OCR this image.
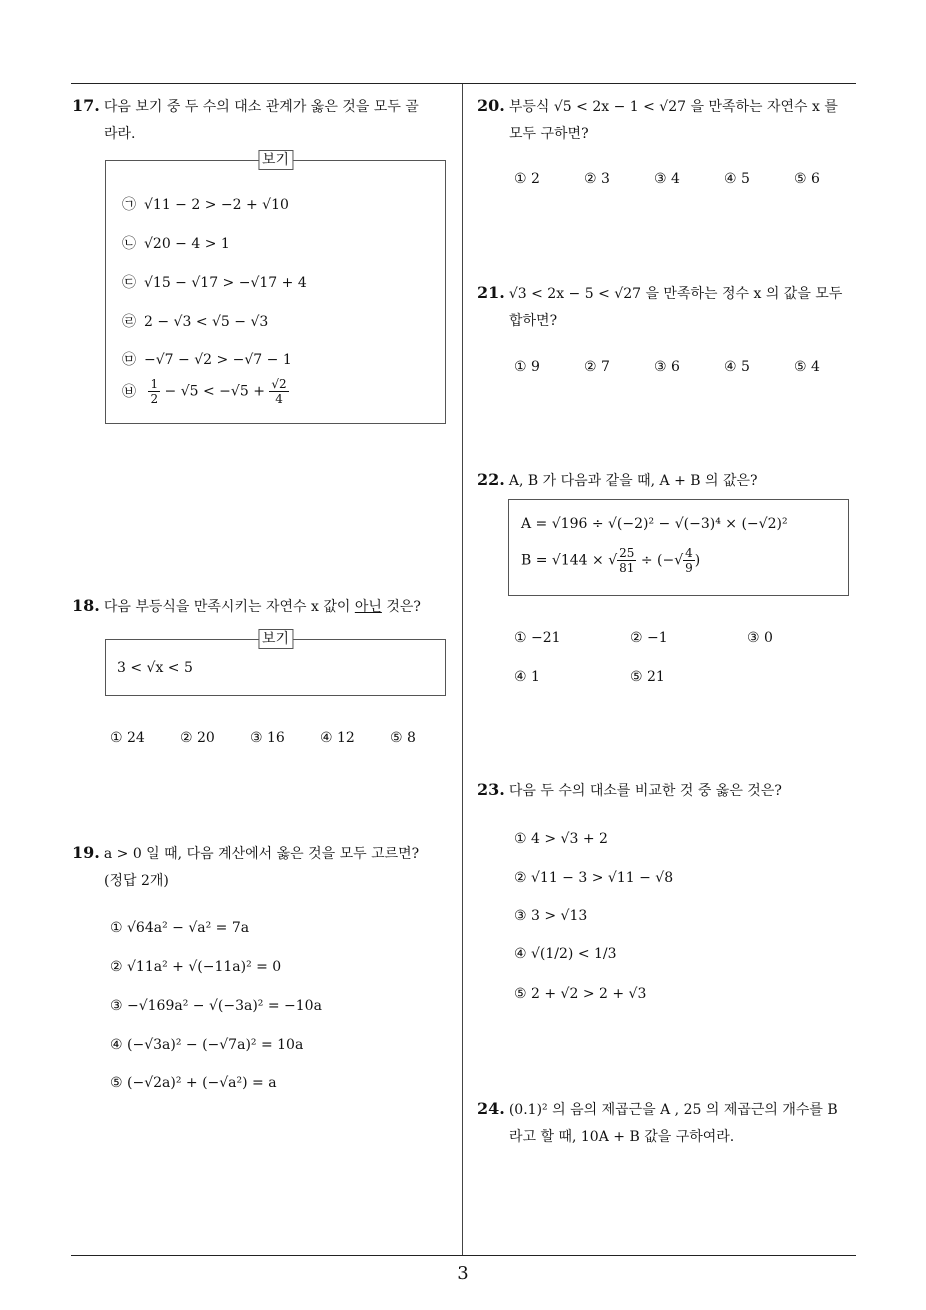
17. 다음 보기 중 두 수의 대소 관계가 옳은 것을 모두 골
라라.
보기
㉠ √11 − 2 > −2 + √10
㉡ √20 − 4 > 1
㉢ √15 − √17 > −√17 + 4
㉣ 2 − √3 < √5 − √3
㉤ −√7 − √2 > −√7 − 1
㉥ $\frac{1}{2} - √5 < -√5 + \frac{√2}{4}$
18. 다음 부등식을 만족시키는 자연수 x 값이 아닌 것은?
보기
3 < √x < 5
① 24	② 20	③ 16	④ 12	⑤ 8
19. a > 0 일 때, 다음 계산에서 옳은 것을 모두 고르면?
(정답 2개)
① √64a² − √a² = 7a
② √11a² + √(−11a)² = 0
③ −√169a² − √(−3a)² = −10a
④ (−√3a)² − (−√7a)² = 10a
⑤ (−√2a)² + (−√a²) = a
20. 부등식 √5 < 2x − 1 < √27 을 만족하는 자연수 x 를
모두 구하면?
① 2	② 3	③ 4	④ 5	⑤ 6
21. √3 < 2x − 5 < √27 을 만족하는 정수 x 의 값을 모두
합하면?
① 9	② 7	③ 6	④ 5	⑤ 4
22. A, B 가 다음과 같을 때, A + B 의 값은?
A = √196 ÷ √(−2)² − √(−3)⁴ × (−√2)²
B = √144 × √ $\frac{25}{81}$ ÷ (−√ $\frac{4}{9}$ )
① −21	② −1	③ 0
④ 1	⑤ 21
23. 다음 두 수의 대소를 비교한 것 중 옳은 것은?
① 4 > √3 + 2
② √11 − 3 > √11 − √8
③ 3 > √13
④ √(1/2) < 1/3
⑤ 2 + √2 > 2 + √3
24. (0.1)² 의 음의 제곱근을 A , 25 의 제곱근의 개수를 B
라고 할 때, 10A + B 값을 구하여라.
3
